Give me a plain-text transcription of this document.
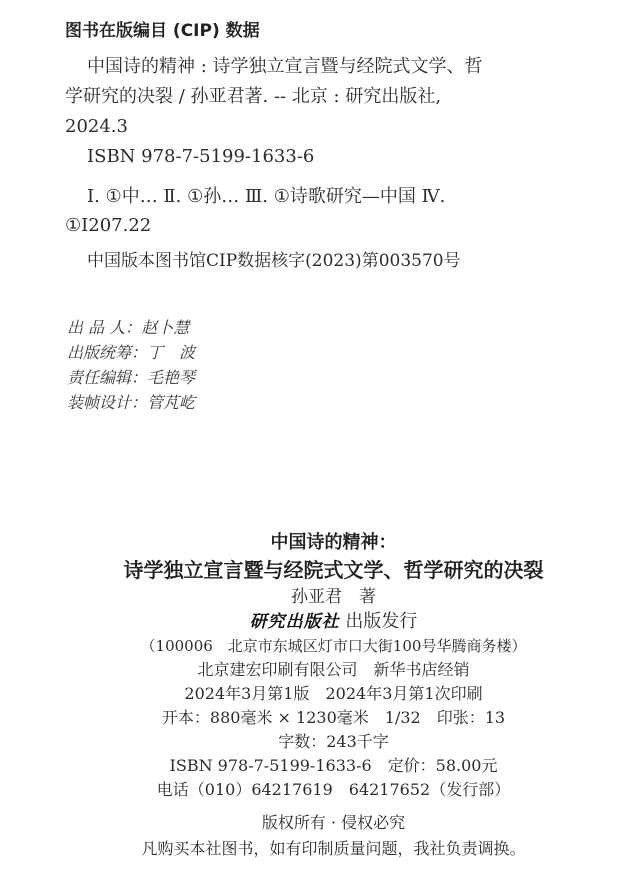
图书在版编目 (CIP) 数据
中国诗的精神 : 诗学独立宣言暨与经院式文学、哲
学研究的决裂 / 孙亚君著. -- 北京 : 研究出版社,
2024.3
ISBN 978-7-5199-1633-6
Ⅰ. ①中… Ⅱ. ①孙… Ⅲ. ①诗歌研究—中国 Ⅳ.
①I207.22
中国版本图书馆CIP数据核字(2023)第003570号
出 品 人：赵卜慧
出版统筹：丁　波
责任编辑：毛艳琴
装帧设计：管芃屹
中国诗的精神：
诗学独立宣言暨与经院式文学、哲学研究的决裂
孙亚君　著
研究出版社 出版发行
（100006　北京市东城区灯市口大街100号华腾商务楼）
北京建宏印刷有限公司　新华书店经销
2024年3月第1版　2024年3月第1次印刷
开本：880毫米 × 1230毫米　1/32　印张：13
字数：243千字
ISBN 978-7-5199-1633-6　定价：58.00元
电话（010）64217619　64217652（发行部）
版权所有 · 侵权必究
凡购买本社图书，如有印制质量问题，我社负责调换。
